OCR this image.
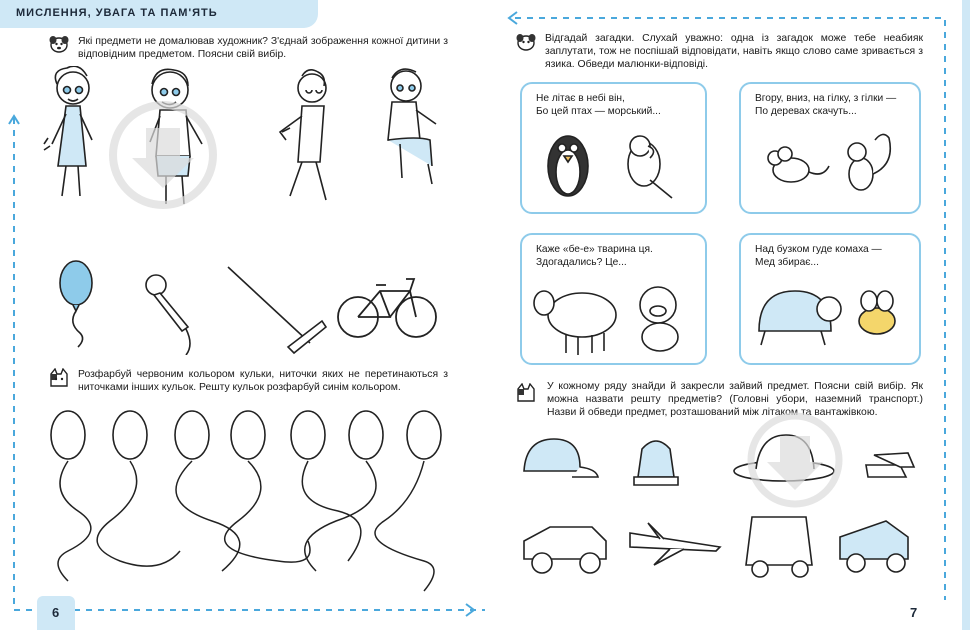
МИСЛЕННЯ, УВАГА ТА ПАМ'ЯТЬ
Які предмети не домалював художник? З'єднай зображення кожної дитини з відповідним предметом. Поясни свій вибір.
Розфарбуй червоним кольором кульки, ниточки яких не перетинаються з ниточками інших кульок. Решту кульок розфарбуй синім кольором.
6
Відгадай загадки. Слухай уважно: одна із загадок може тебе неабияк заплутати, тож не поспішай відповідати, навіть якщо слово саме зривається з язика. Обведи малюнки-відповіді.
Не літає в небі він,
Бо цей птах — морський...
Вгору, вниз, на гілку, з гілки —
По деревах скачуть...
Каже «бе-е» тварина ця.
Здогадались? Це...
Над бузком гуде комаха —
Мед збирає...
У кожному ряду знайди й закресли зайвий предмет. Поясни свій вибір. Як можна назвати решту предметів? (Головні убори, наземний транспорт.) Назви й обведи предмет, розташований між літаком та вантажівкою.
7
